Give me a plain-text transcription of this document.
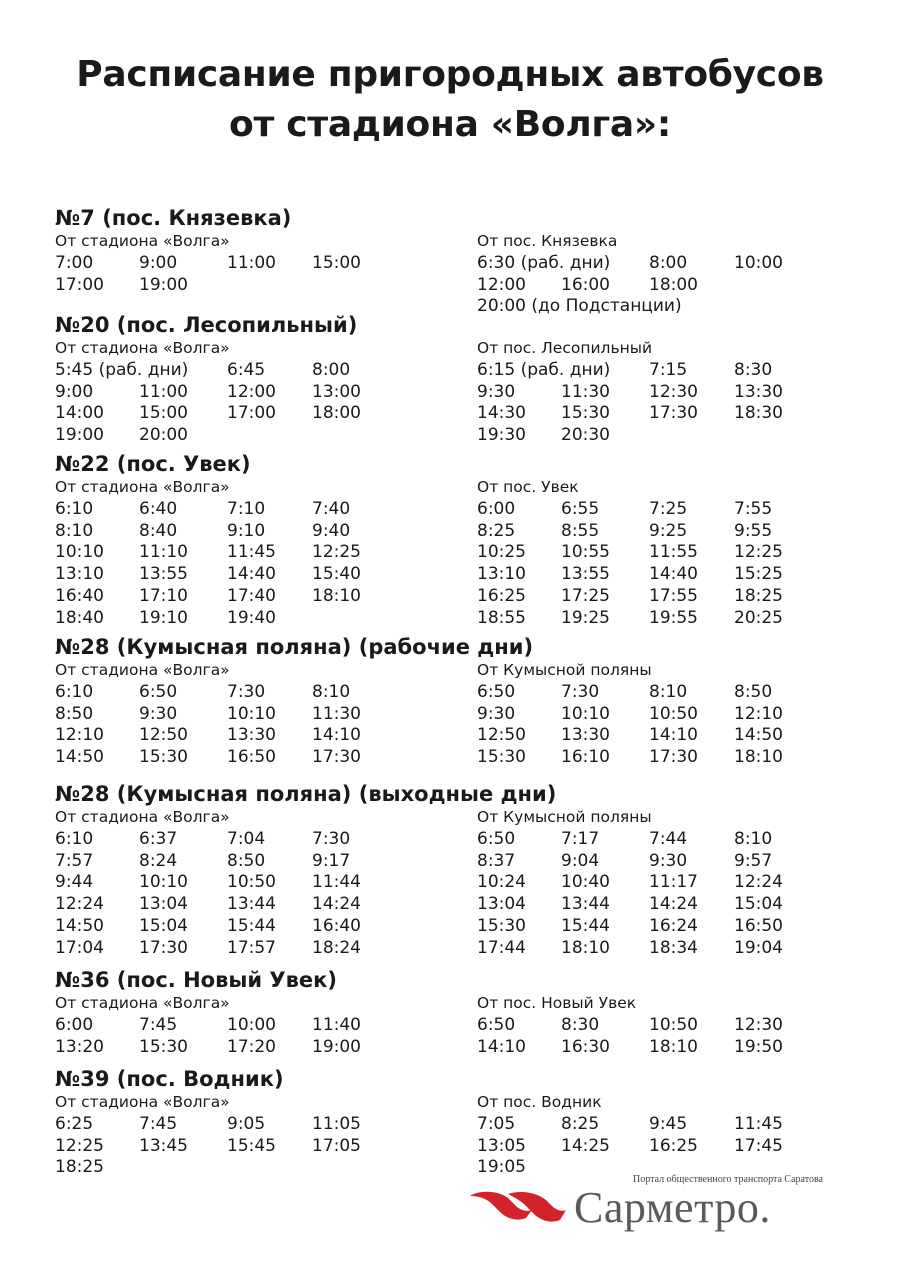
Расписание пригородных автобусов
от стадиона «Волга»:
№7 (пос. Князевка)
От стадиона «Волга»
7:00	9:00	11:00 15:00
17:00 19:00
От пос. Князевка
6:30 (раб. дни) 8:00	10:00
12:00 16:00 18:00
20:00 (до Подстанции)
№20 (пос. Лесопильный)
От стадиона «Волга»
5:45 (раб. дни) 6:45	8:00
9:00	11:00 12:00 13:00
14:00 15:00 17:00 18:00
19:00 20:00
От пос. Лесопильный
6:15 (раб. дни) 7:15	8:30
9:30	11:30 12:30 13:30
14:30 15:30 17:30 18:30
19:30 20:30
№22 (пос. Увек)
От стадиона «Волга»
6:10	6:40	7:10	7:40
8:10	8:40	9:10	9:40
10:10 11:10 11:45 12:25
13:10 13:55 14:40 15:40
16:40 17:10 17:40 18:10
18:40 19:10 19:40
От пос. Увек
6:00	6:55	7:25	7:55
8:25	8:55	9:25	9:55
10:25 10:55 11:55 12:25
13:10 13:55 14:40 15:25
16:25 17:25 17:55 18:25
18:55 19:25 19:55 20:25
№28 (Кумысная поляна) (рабочие дни)
От стадиона «Волга»
6:10	6:50	7:30	8:10
8:50	9:30	10:10 11:30
12:10 12:50 13:30 14:10
14:50 15:30 16:50 17:30
От Кумысной поляны
6:50	7:30	8:10	8:50
9:30	10:10 10:50 12:10
12:50 13:30 14:10 14:50
15:30 16:10 17:30 18:10
№28 (Кумысная поляна) (выходные дни)
От стадиона «Волга»
6:10	6:37	7:04	7:30
7:57	8:24	8:50	9:17
9:44	10:10 10:50 11:44
12:24 13:04 13:44 14:24
14:50 15:04 15:44 16:40
17:04 17:30 17:57 18:24
От Кумысной поляны
6:50	7:17	7:44	8:10
8:37	9:04	9:30	9:57
10:24 10:40 11:17 12:24
13:04 13:44 14:24 15:04
15:30 15:44 16:24 16:50
17:44 18:10 18:34 19:04
№36 (пос. Новый Увек)
От стадиона «Волга»
6:00	7:45	10:00 11:40
13:20 15:30 17:20 19:00
От пос. Новый Увек
6:50	8:30	10:50 12:30
14:10 16:30 18:10 19:50
№39 (пос. Водник)
От стадиона «Волга»
6:25	7:45	9:05	11:05
12:25 13:45 15:45 17:05
18:25
От пос. Водник
7:05	8:25	9:45	11:45
13:05 14:25 16:25 17:45
19:05
Портал общественного транспорта Саратова
Сарметро.
